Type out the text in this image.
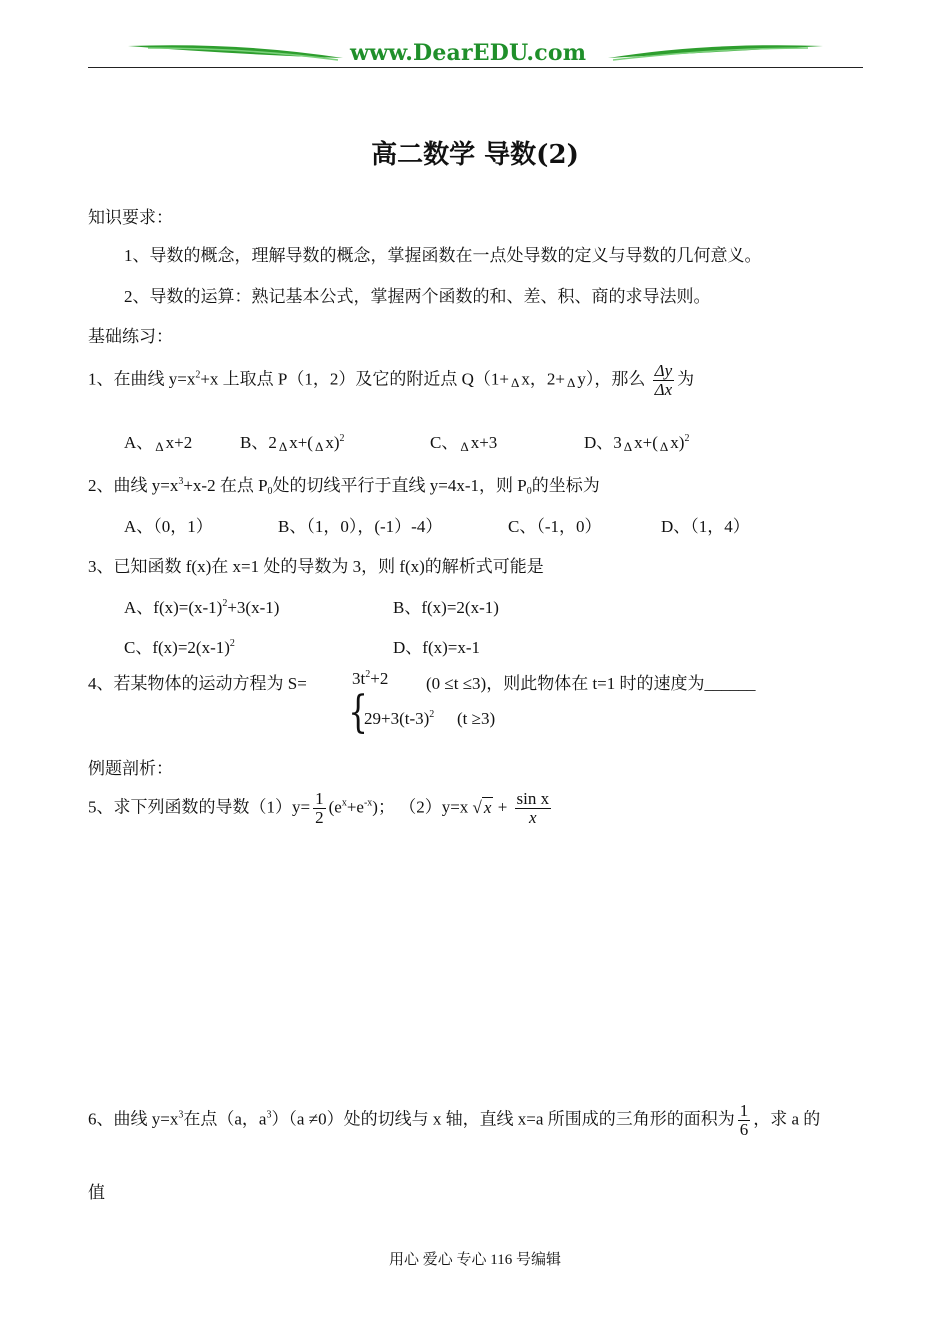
www.DearEDU.com
高二数学 导数(2)
知识要求：
1、导数的概念，理解导数的概念，掌握函数在一点处导数的定义与导数的几何意义。
2、导数的运算：熟记基本公式，掌握两个函数的和、差、积、商的求导法则。
基础练习：
1、在曲线 $y=x^2+x$ 上取点 P（1，2）及它的附近点 Q（1+ Δ x，2+ Δ y），那么 $\frac{\Delta y}{\Delta x}$ 为
A、 Δ x+2	B、2 Δ x+( Δ x)$^2$	C、 Δ x+3	D、3 Δ x+( Δ x)$^2$
2、曲线 $y=x^3+x-2$ 在点 $P_0$处的切线平行于直线 y=4x-1，则 $P_0$的坐标为
A、（0，1）	B、（1，0），(-1）-4）	C、（-1，0）	D、（1，4）
3、已知函数 f(x)在 x=1 处的导数为 3，则 f(x)的解析式可能是
A、$f(x)=(x-1)^2+3(x-1)$	B、f(x)=2(x-1)
C、$f(x)=2(x-1)^2$	D、f(x)=x-1
4、若某物体的运动方程为 S=	$3t^2+2$ (0 ≤t ≤3)，则此物体在 t=1 时的速度为______
{
$29+3(t-3)^2$ (t ≥3)
例题剖析：
5、求下列函数的导数$(1)y= \frac{1}{2} (e^x+e^{-x})$； （2）y=x √ $x + \frac{\text{sin x}}{x}$
6、曲线 $y=x^3$在点（a，$a^3)(a \ne 0)$处的切线与 x 轴，直线 x=a 所围成的三角形的面积为 $\frac{1}{6}$ ，求 a 的
值
用心 爱心 专心 116 号编辑
